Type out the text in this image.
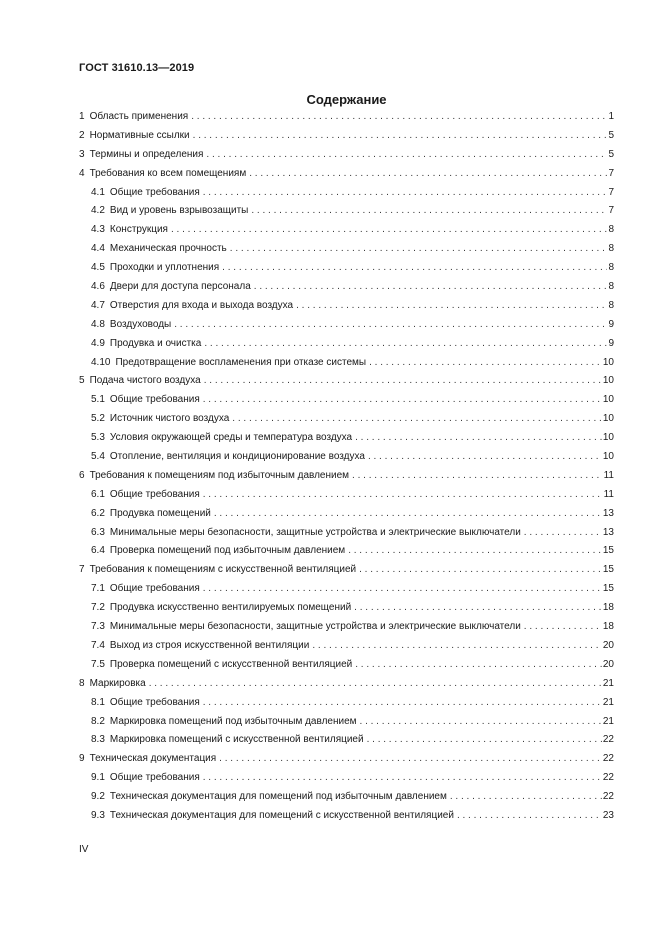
ГОСТ 31610.13—2019
Содержание
1 Область применения . . .	1
2 Нормативные ссылки . . .	5
3 Термины и определения . . .	5
4 Требования ко всем помещениям . . .	7
4.1 Общие требования . . .	7
4.2 Вид и уровень взрывозащиты . . .	7
4.3 Конструкция . . .	8
4.4 Механическая прочность . . .	8
4.5 Проходки и уплотнения . . .	8
4.6 Двери для доступа персонала . . .	8
4.7 Отверстия для входа и выхода воздуха . . .	8
4.8 Воздуховоды . . .	9
4.9 Продувка и очистка . . .	9
4.10 Предотвращение воспламенения при отказе системы . . .	10
5 Подача чистого воздуха . . .	10
5.1 Общие требования . . .	10
5.2 Источник чистого воздуха . . .	10
5.3 Условия окружающей среды и температура воздуха . . .	10
5.4 Отопление, вентиляция и кондиционирование воздуха . . .	10
6 Требования к помещениям под избыточным давлением . . .	11
6.1 Общие требования . . .	11
6.2 Продувка помещений . . .	13
6.3 Минимальные меры безопасности, защитные устройства и электрические выключатели . . .	13
6.4 Проверка помещений под избыточным давлением . . .	15
7 Требования к помещениям с искусственной вентиляцией . . .	15
7.1 Общие требования . . .	15
7.2 Продувка искусственно вентилируемых помещений . . .	18
7.3 Минимальные меры безопасности, защитные устройства и электрические выключатели . . .	18
7.4 Выход из строя искусственной вентиляции . . .	20
7.5 Проверка помещений с искусственной вентиляцией . . .	20
8 Маркировка . . .	21
8.1 Общие требования . . .	21
8.2 Маркировка помещений под избыточным давлением . . .	21
8.3 Маркировка помещений с искусственной вентиляцией . . .	22
9 Техническая документация . . .	22
9.1 Общие требования . . .	22
9.2 Техническая документация для помещений под избыточным давлением . . .	22
9.3 Техническая документация для помещений с искусственной вентиляцией . . .	23
IV
